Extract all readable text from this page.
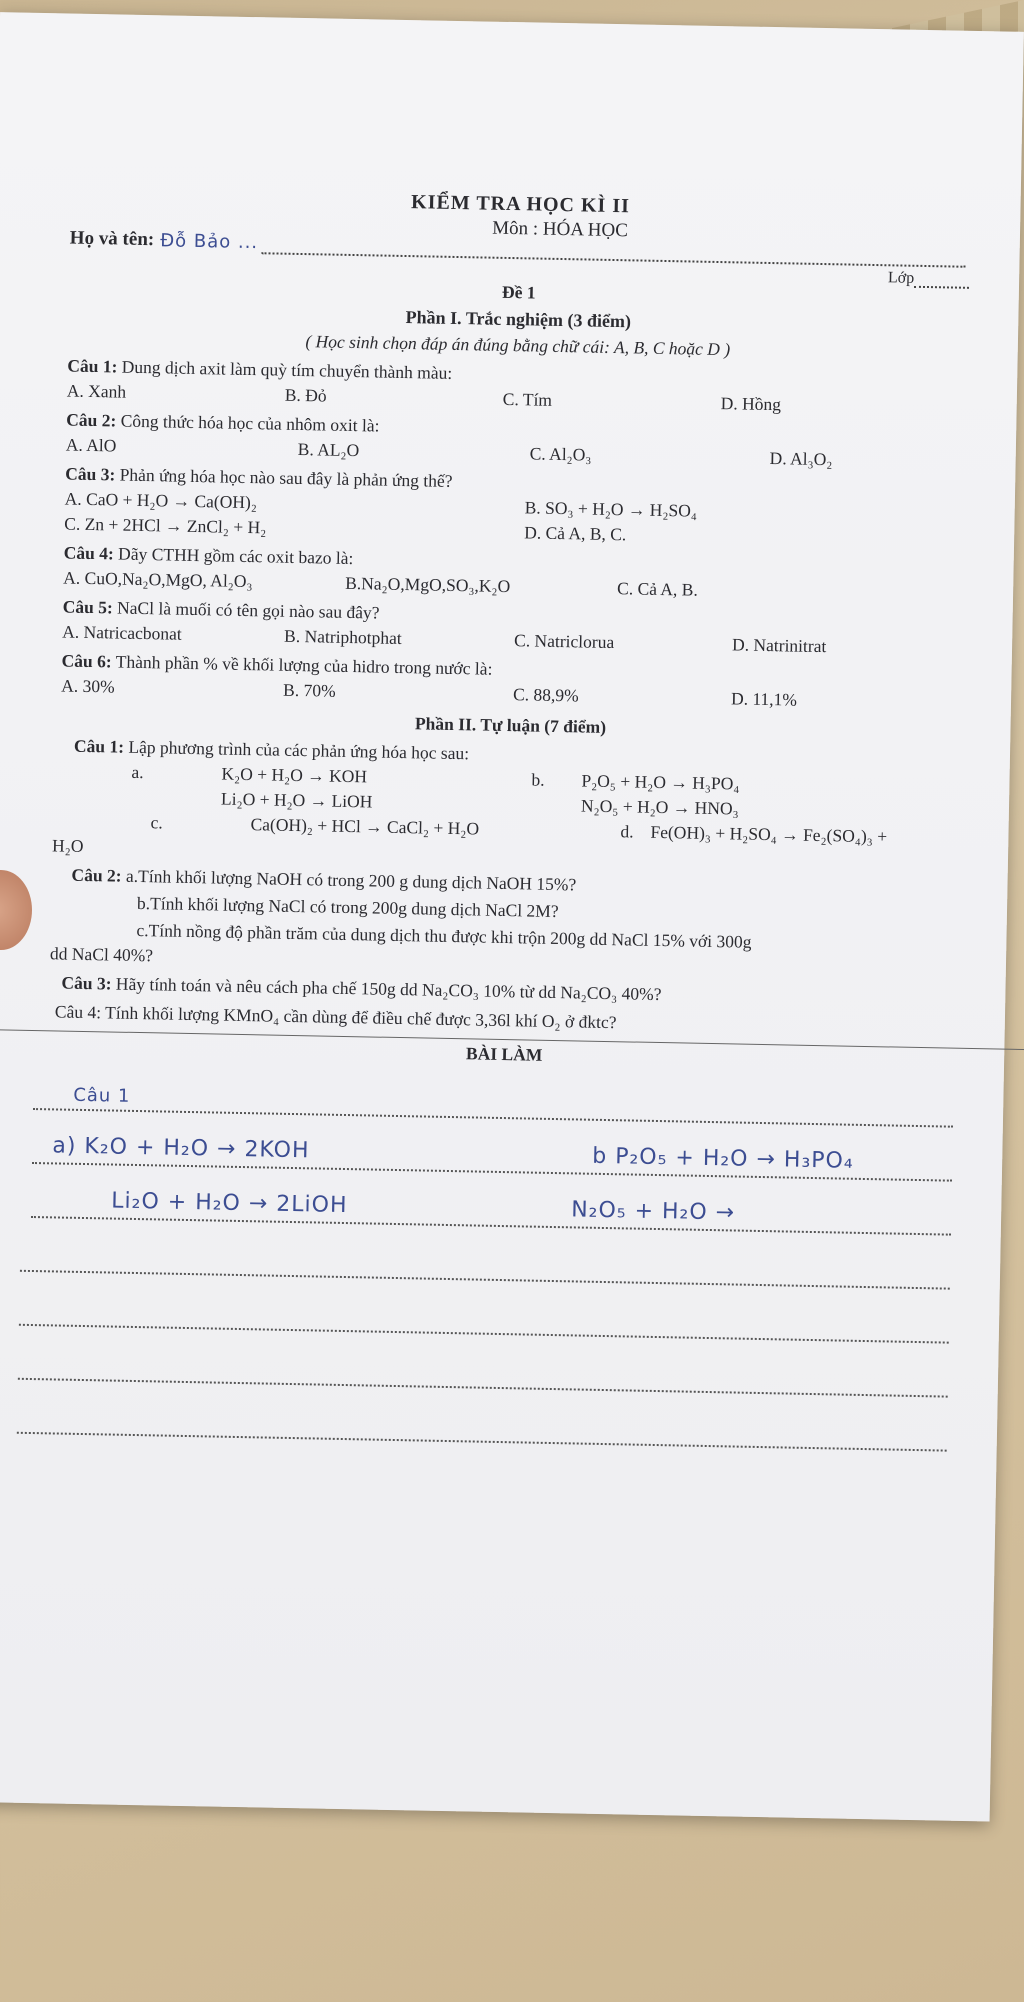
KIỂM TRA HỌC KÌ II
Môn : HÓA HỌC
Họ và tên: Đỗ Bảo ...
Lớp
Đề 1
Phần I. Trắc nghiệm (3 điểm)
( Học sinh chọn đáp án đúng bằng chữ cái: A, B, C hoặc D )
Câu 1: Dung dịch axit làm quỳ tím chuyển thành màu:
A. Xanh	B. Đỏ	C. Tím	D. Hồng
Câu 2: Công thức hóa học của nhôm oxit là:
A. AlO	B. AL₂O	C. Al₂O₃	D. Al₃O₂
Câu 3: Phản ứng hóa học nào sau đây là phản ứng thế?
A. CaO + H₂O → Ca(OH)₂	B. SO₃ + H₂O → H₂SO₄
C. Zn + 2HCl → ZnCl₂ + H₂	D. Cả A, B, C.
Câu 4: Dãy CTHH gồm các oxit bazo là:
A. CuO,Na₂O,MgO, Al₂O₃	B.Na₂O,MgO,SO₃,K₂O	C. Cả A, B.
Câu 5: NaCl là muối có tên gọi nào sau đây?
A. Natricacbonat	B. Natriphotphat	C. Natriclorua	D. Natrinitrat
Câu 6: Thành phần % về khối lượng của hidro trong nước là:
A. 30%	B. 70%	C. 88,9%	D. 11,1%
Phần II. Tự luận (7 điểm)
Câu 1: Lập phương trình của các phản ứng hóa học sau:
a.	K₂O + H₂O → KOH	b.	P₂O₅ + H₂O → H₃PO₄
Li₂O + H₂O → LiOH	N₂O₅ + H₂O → HNO₃
c.	Ca(OH)₂ + HCl → CaCl₂ + H₂O	d. Fe(OH)₃ + H₂SO₄ → Fe₂(SO₄)₃ +
H₂O
Câu 2: a.Tính khối lượng NaOH có trong 200 g dung dịch NaOH 15%?
b.Tính khối lượng NaCl có trong 200g dung dịch NaCl 2M?
c.Tính nồng độ phần trăm của dung dịch thu được khi trộn 200g dd NaCl 15% với 300g
dd NaCl 40%?
Câu 3: Hãy tính toán và nêu cách pha chế 150g dd Na₂CO₃ 10% từ dd Na₂CO₃ 40%?
Câu 4: Tính khối lượng KMnO₄ cần dùng để điều chế được 3,36l khí O₂ ở đktc?
BÀI LÀM
Câu 1
a) K₂O + H₂O → 2KOH	b P₂O₅ + H₂O → H₃PO₄
Li₂O + H₂O → 2LiOH	N₂O₅ + H₂O →
